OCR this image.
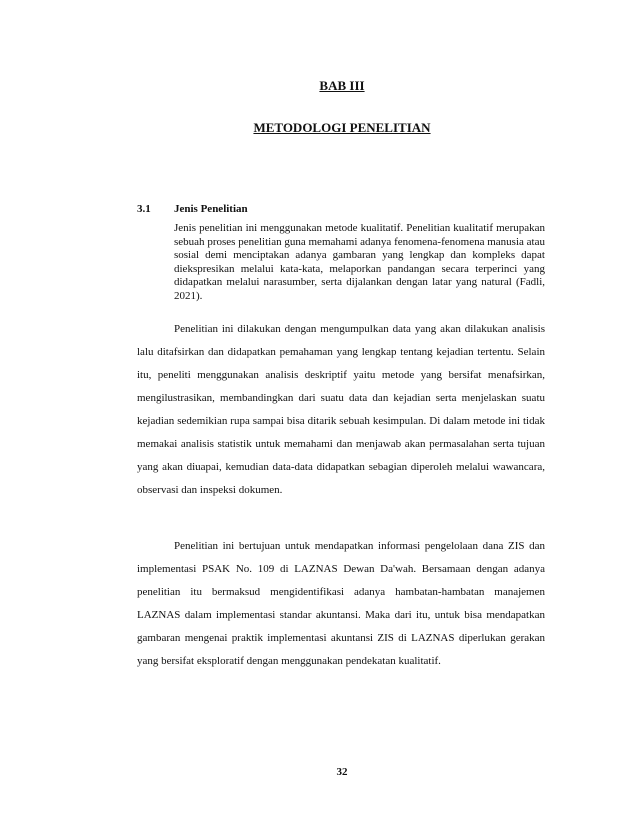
BAB III
METODOLOGI PENELITIAN
3.1 Jenis Penelitian
Jenis penelitian ini menggunakan metode kualitatif. Penelitian kualitatif merupakan sebuah proses penelitian guna memahami adanya fenomena-fenomena manusia atau sosial demi menciptakan adanya gambaran yang lengkap dan kompleks dapat diekspresikan melalui kata-kata, melaporkan pandangan secara terperinci yang didapatkan melalui narasumber, serta dijalankan dengan latar yang natural (Fadli, 2021).

Penelitian ini dilakukan dengan mengumpulkan data yang akan dilakukan analisis lalu ditafsirkan dan didapatkan pemahaman yang lengkap tentang kejadian tertentu. Selain itu, peneliti menggunakan analisis deskriptif yaitu metode yang bersifat menafsirkan, mengilustrasikan, membandingkan dari suatu data dan kejadian serta menjelaskan suatu kejadian sedemikian rupa sampai bisa ditarik sebuah kesimpulan. Di dalam metode ini tidak memakai analisis statistik untuk memahami dan menjawab akan permasalahan serta tujuan yang akan diuapai, kemudian data-data didapatkan sebagian diperoleh melalui wawancara, observasi dan inspeksi dokumen.

Penelitian ini bertujuan untuk mendapatkan informasi pengelolaan dana ZIS dan implementasi PSAK No. 109 di LAZNAS Dewan Da'wah. Bersamaan dengan adanya penelitian itu bermaksud mengidentifikasi adanya hambatan-hambatan manajemen LAZNAS dalam implementasi standar akuntansi. Maka dari itu, untuk bisa mendapatkan gambaran mengenai praktik implementasi akuntansi ZIS di LAZNAS diperlukan gerakan yang bersifat eksploratif dengan menggunakan pendekatan kualitatif.

32
